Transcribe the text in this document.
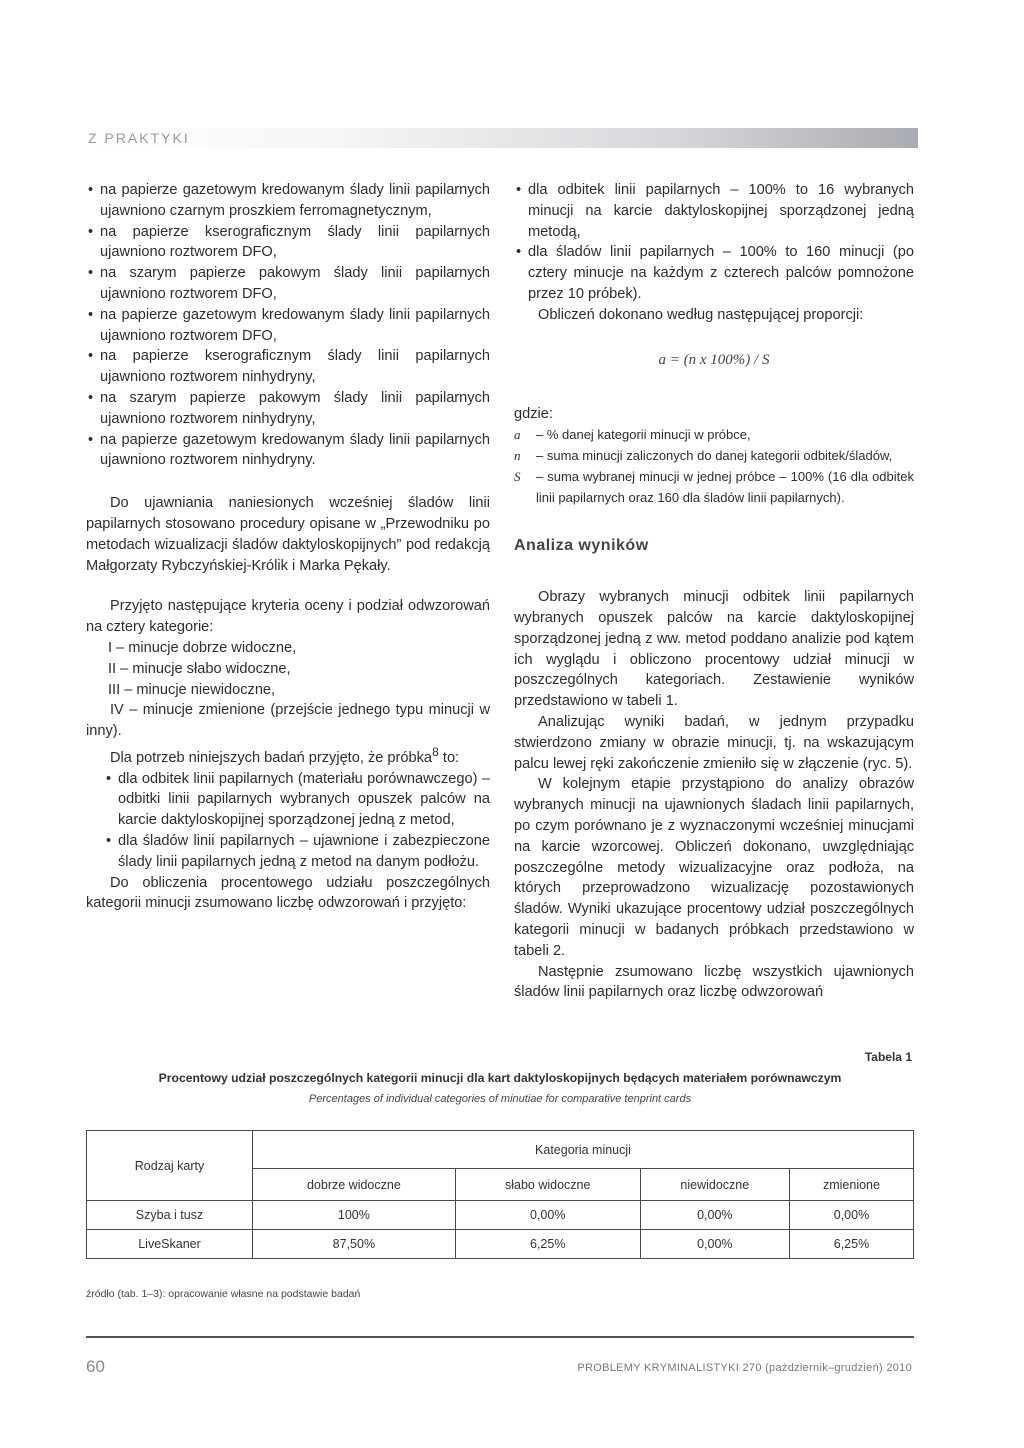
Z PRAKTYKI
• na papierze gazetowym kredowanym ślady linii papilarnych ujawniono czarnym proszkiem ferromagnetycznym,
• na papierze kserograficznym ślady linii papilarnych ujawniono roztworem DFO,
• na szarym papierze pakowym ślady linii papilarnych ujawniono roztworem DFO,
• na papierze gazetowym kredowanym ślady linii papilarnych ujawniono roztworem DFO,
• na papierze kserograficznym ślady linii papilarnych ujawniono roztworem ninhydryny,
• na szarym papierze pakowym ślady linii papilarnych ujawniono roztworem ninhydryny,
• na papierze gazetowym kredowanym ślady linii papilarnych ujawniono roztworem ninhydryny.

Do ujawniania naniesionych wcześniej śladów linii papilarnych stosowano procedury opisane w „Przewodniku po metodach wizualizacji śladów daktyloskopijnych” pod redakcją Małgorzaty Rybczyńskiej-Królik i Marka Pękały.

Przyjęto następujące kryteria oceny i podział odwzorowań na cztery kategorie:

I – minucje dobrze widoczne,

II – minucje słabo widoczne,

III – minucje niewidoczne,

IV – minucje zmienione (przejście jednego typu minucji w inny).

Dla potrzeb niniejszych badań przyjęto, że próbka$^8$ to:

• dla odbitek linii papilarnych (materiału porównawczego) – odbitki linii papilarnych wybranych opuszek palców na karcie daktyloskopijnej sporządzonej jedną z metod,
• dla śladów linii papilarnych – ujawnione i zabezpieczone ślady linii papilarnych jedną z metod na danym podłożu.

Do obliczenia procentowego udziału poszczególnych kategorii minucji zsumowano liczbę odwzorowań i przyjęto:

• dla odbitek linii papilarnych – 100% to 16 wybranych minucji na karcie daktyloskopijnej sporządzonej jedną metodą,
• dla śladów linii papilarnych – 100% to 160 minucji (po cztery minucje na każdym z czterech palców pomnożone przez 10 próbek).

Obliczeń dokonano według następującej proporcji:

a = (n x 100%) / S

gdzie:

a	– % danej kategorii minucji w próbce,
n	– suma minucji zaliczonych do danej kategorii odbitek/śladów,
S	– suma wybranej minucji w jednej próbce – 100% (16 dla odbitek linii papilarnych oraz 160 dla śladów linii papilarnych).
Analiza wyników

Obrazy wybranych minucji odbitek linii papilarnych wybranych opuszek palców na karcie daktyloskopijnej sporządzonej jedną z ww. metod poddano analizie pod kątem ich wyglądu i obliczono procentowy udział minucji w poszczególnych kategoriach. Zestawienie wyników przedstawiono w tabeli 1.

Analizując wyniki badań, w jednym przypadku stwierdzono zmiany w obrazie minucji, tj. na wskazującym palcu lewej ręki zakończenie zmieniło się w złączenie (ryc. 5).

W kolejnym etapie przystąpiono do analizy obrazów wybranych minucji na ujawnionych śladach linii papilarnych, po czym porównano je z wyznaczonymi wcześniej minucjami na karcie wzorcowej. Obliczeń dokonano, uwzględniając poszczególne metody wizualizacyjne oraz podłoża, na których przeprowadzono wizualizację pozostawionych śladów. Wyniki ukazujące procentowy udział poszczególnych kategorii minucji w badanych próbkach przedstawiono w tabeli 2.

Następnie zsumowano liczbę wszystkich ujawnionych śladów linii papilarnych oraz liczbę odwzorowań

Tabela 1
Procentowy udział poszczególnych kategorii minucji dla kart daktyloskopijnych będących materiałem porównawczym
Percentages of individual categories of minutiae for comparative tenprint cards
Rodzaj karty	Kategoria minucji			
	dobrze widoczne	słabo widoczne	niewidoczne	zmienione
Szyba i tusz	100%	0,00%	0,00%	0,00%
LiveSkaner	87,50%	6,25%	0,00%	6,25%
źródło (tab. 1–3): opracowanie własne na podstawie badań
60	PROBLEMY KRYMINALISTYKI 270 (październik–grudzień) 2010
